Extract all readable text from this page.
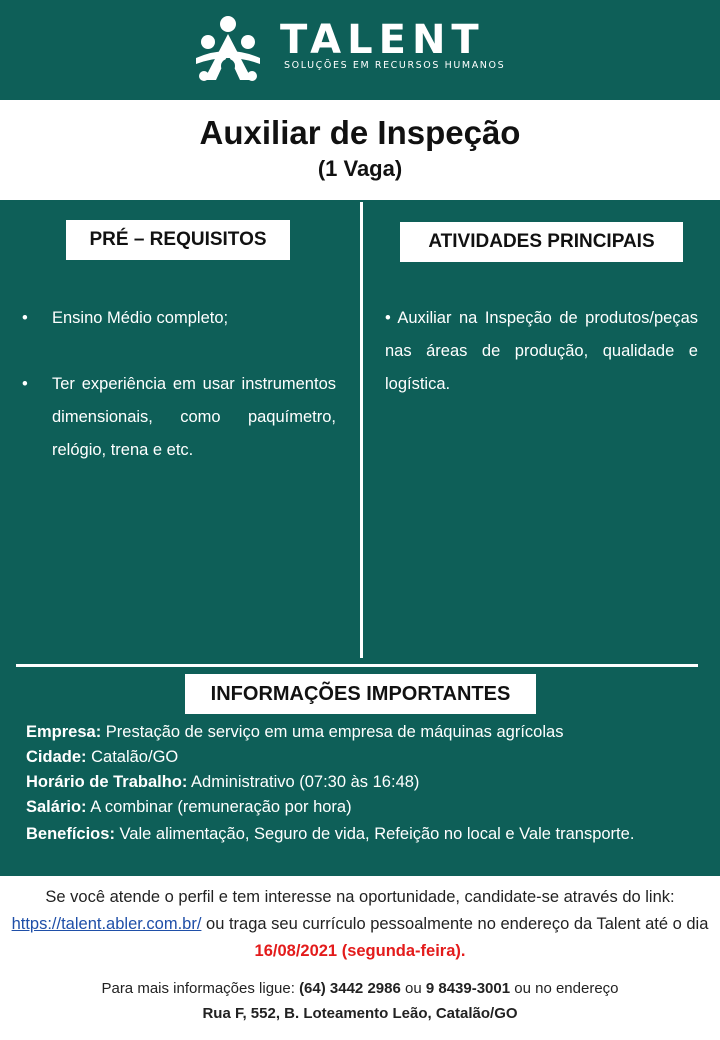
TALENT
SOLUÇÕES EM RECURSOS HUMANOS
Auxiliar de Inspeção
(1 Vaga)
PRÉ – REQUISITOS	ATIVIDADES PRINCIPAIS
• Ensino Médio completo;
• Ter experiência em usar instrumentos dimensionais, como paquímetro, relógio, trena e etc.
• Auxiliar na Inspeção de produtos/peças nas áreas de produção, qualidade e logística.
INFORMAÇÕES IMPORTANTES
Empresa: Prestação de serviço em uma empresa de máquinas agrícolas
Cidade: Catalão/GO
Horário de Trabalho: Administrativo (07:30 às 16:48)
Salário: A combinar (remuneração por hora)
Benefícios: Vale alimentação, Seguro de vida, Refeição no local e Vale transporte.
Se você atende o perfil e tem interesse na oportunidade, candidate-se através do link: https://talent.abler.com.br/ ou traga seu currículo pessoalmente no endereço da Talent até o dia 16/08/2021 (segunda-feira).
Para mais informações ligue: (64) 3442 2986 ou 9 8439-3001 ou no endereço
Rua F, 552, B. Loteamento Leão, Catalão/GO
